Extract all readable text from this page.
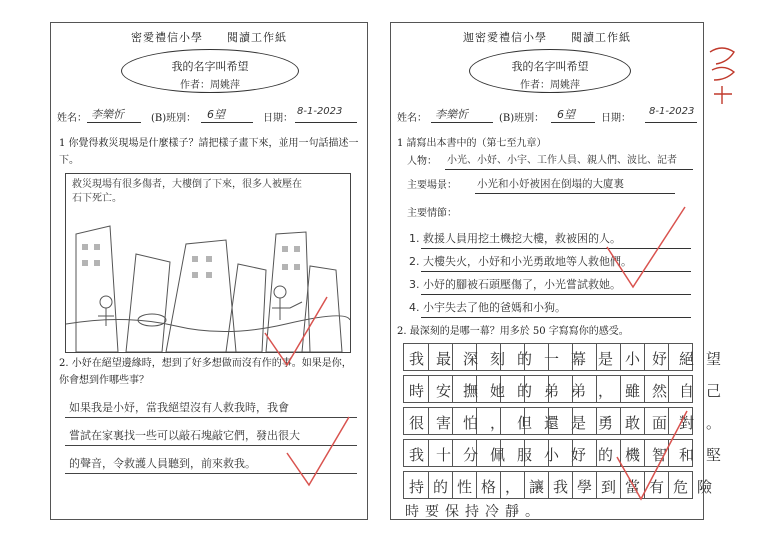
密愛禮信小學　　閱讀工作紙
我的名字叫希望
作者：周姚萍
姓名： 李樂忻	(B)班別： 6望	日期：
8-1-2023
1 你覺得救災現場是什麼樣子？請把樣子畫下來，並用一句話描述一下。
救災現場有很多傷者，大樓倒了下來，很多人被壓在石下死亡。
2. 小妤在絕望邊緣時，想到了好多想做而沒有作的事。如果是你，你會想到作哪些事？
如果我是小妤，當我絕望沒有人救我時，我會
嘗試在家裏找一些可以敲石塊敲它們，發出很大
的聲音，令救護人員聽到，前來救我。
迦密愛禮信小學　　閱讀工作紙
我的名字叫希望
作者：周姚萍
姓名： 李樂忻	(B)班別： 6望	日期：
8-1-2023
1 請寫出本書中的（第七至九章）
人物： 小光、小妤、小宇、工作人員、親人們、波比、記者
主要場景： 小光和小妤被困在倒塌的大廈裏
主要情節：
1. 救援人員用挖土機挖大樓，救被困的人。
2. 大樓失火，小妤和小光勇敢地等人救他們。
3. 小妤的腳被石頭壓傷了，小光嘗試救她。
4. 小宇失去了他的爸媽和小狗。
2. 最深刻的是哪一幕？用多於 50 字寫寫你的感受。
我最深刻的一幕是小妤絕望
時安撫她的弟弟，雖然自己
很害怕，但還是勇敢面對。
我十分佩服小妤的機智和堅
持的性格，讓我學到當有危險
時要保持冷靜。
